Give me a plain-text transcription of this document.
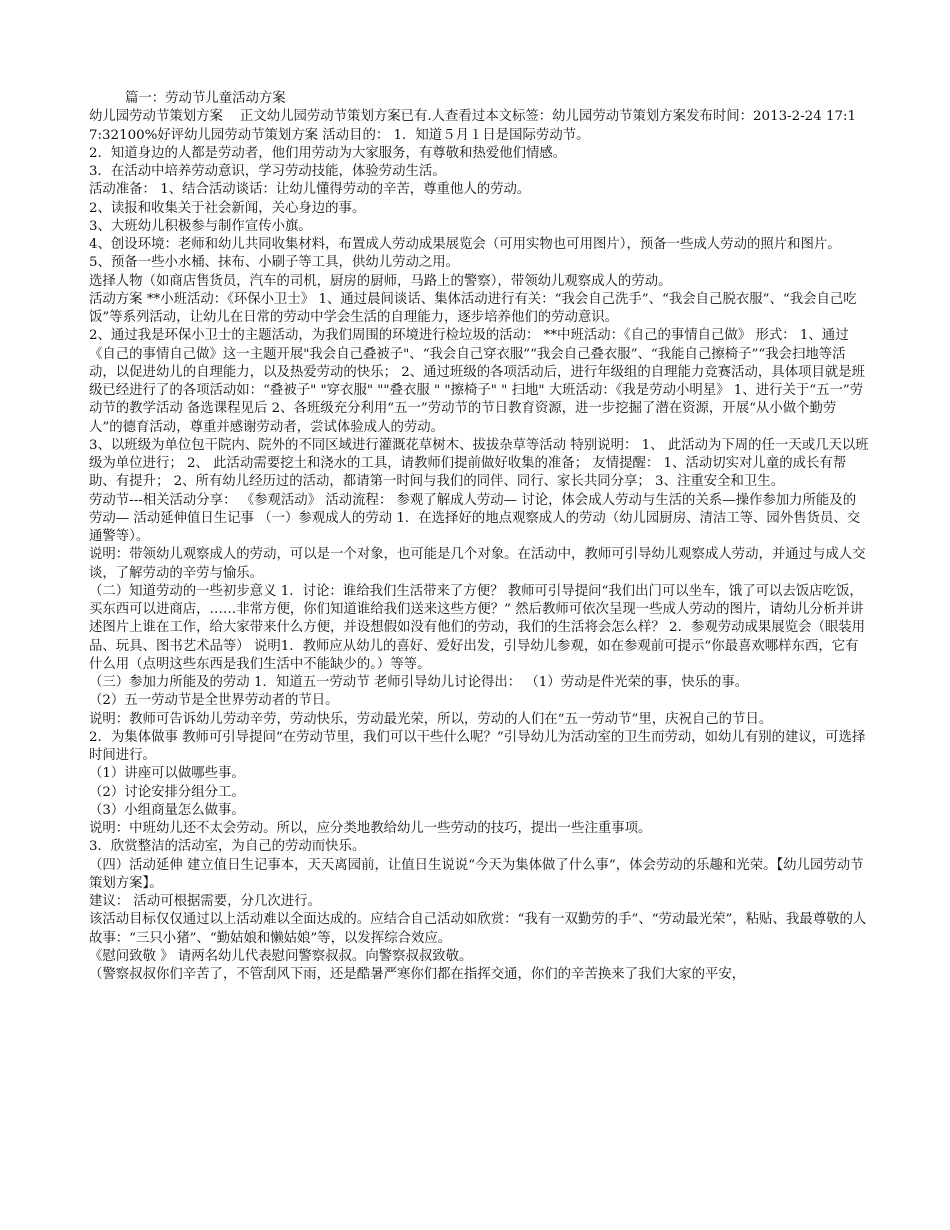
篇一：劳动节儿童活动方案

幼儿园劳动节策划方案    正文幼儿园劳动节策划方案已有.人查看过本文标签：幼儿园劳动节策划方案发布时间：2013-2-24 17:17:32100%好评幼儿园劳动节策划方案 活动目的： 1．知道５月１日是国际劳动节。

2．知道身边的人都是劳动者，他们用劳动为大家服务，有尊敬和热爱他们情感。

3．在活动中培养劳动意识，学习劳动技能，体验劳动生活。

活动准备： 1、结合活动谈话：让幼儿懂得劳动的辛苦，尊重他人的劳动。

2、读报和收集关于社会新闻，关心身边的事。

3、大班幼儿积极参与制作宣传小旗。

4、创设环境：老师和幼儿共同收集材料，布置成人劳动成果展览会（可用实物也可用图片），预备一些成人劳动的照片和图片。

5、预备一些小水桶、抹布、小刷子等工具，供幼儿劳动之用。

选择人物（如商店售货员，汽车的司机，厨房的厨师，马路上的警察），带领幼儿观察成人的劳动。

活动方案 **小班活动：《环保小卫士》 1、通过晨间谈话、集体活动进行有关：“我会自己洗手”、“我会自己脱衣服”、“我会自己吃饭”等系列活动，让幼儿在日常的劳动中学会生活的自理能力，逐步培养他们的劳动意识。

2、通过我是环保小卫士的主题活动，为我们周围的环境进行检垃圾的活动： **中班活动：《自己的事情自己做》 形式： 1、通过《自己的事情自己做》这一主题开展"我会自己叠被子"、“我会自己穿衣服”“我会自己叠衣服”、“我能自己擦椅子”“我会扫地等活动，以促进幼儿的自理能力，以及热爱劳动的快乐； 2、通过班级的各项活动后，进行年级组的自理能力竞赛活动，具体项目就是班级已经进行了的各项活动如：“叠被子" "穿衣服" ""叠衣服 " "擦椅子" " 扫地" 大班活动：《我是劳动小明星》 1、进行关于“五一”劳动节的教学活动 备选课程见后 2、各班级充分利用“五一”劳动节的节日教育资源，进一步挖掘了潜在资源，开展“从小做个勤劳人”的德育活动，尊重并感谢劳动者，尝试体验成人的劳动。

3、以班级为单位包干院内、院外的不同区域进行灌溉花草树木、拔拔杂草等活动 特别说明： 1、 此活动为下周的任一天或几天以班级为单位进行； 2、 此活动需要挖土和浇水的工具，请教师们提前做好收集的准备； 友情提醒： 1、活动切实对儿童的成长有帮助、有提升； 2、所有幼儿经历过的活动，都请第一时间与我们的同伴、同行、家长共同分享； 3、注重安全和卫生。

劳动节---相关活动分享： 《参观活动》 活动流程： 参观了解成人劳动— 讨论，体会成人劳动与生活的关系—操作参加力所能及的劳动— 活动延伸值日生记事 （一）参观成人的劳动 1．在选择好的地点观察成人的劳动（幼儿园厨房、清洁工等、园外售货员、交通警等）。

说明：带领幼儿观察成人的劳动，可以是一个对象，也可能是几个对象。在活动中，教师可引导幼儿观察成人劳动，并通过与成人交谈，了解劳动的辛劳与愉乐。

（二）知道劳动的一些初步意义 1．讨论：谁给我们生活带来了方便？ 教师可引导提问“我们出门可以坐车，饿了可以去饭店吃饭，买东西可以进商店，……非常方便，你们知道谁给我们送来这些方便？” 然后教师可依次呈现一些成人劳动的图片，请幼儿分析并讲述图片上谁在工作，给大家带来什么方便，并设想假如没有他们的劳动，我们的生活将会怎么样？ 2．参观劳动成果展览会（眼装用品、玩具、图书艺术品等） 说明1．教师应从幼儿的喜好、爱好出发，引导幼儿参观，如在参观前可提示“你最喜欢哪样东西，它有什么用（点明这些东西是我们生活中不能缺少的。）等等。

（三）参加力所能及的劳动 1．知道五一劳动节 老师引导幼儿讨论得出： （1）劳动是件光荣的事，快乐的事。

（2）五一劳动节是全世界劳动者的节日。

说明：教师可告诉幼儿劳动辛劳，劳动快乐，劳动最光荣，所以，劳动的人们在“五一劳动节”里，庆祝自己的节日。

2．为集体做事 教师可引导提问“在劳动节里，我们可以干些什么呢？”引导幼儿为活动室的卫生而劳动，如幼儿有别的建议，可选择时间进行。

（1）讲座可以做哪些事。

（2）讨论安排分组分工。

（3）小组商量怎么做事。

说明：中班幼儿还不太会劳动。所以，应分类地教给幼儿一些劳动的技巧，提出一些注重事项。

3．欣赏整洁的活动室，为自己的劳动而快乐。

（四）活动延伸 建立值日生记事本，天天离园前，让值日生说说“今天为集体做了什么事”，体会劳动的乐趣和光荣。【幼儿园劳动节策划方案】。

建议： 活动可根据需要，分几次进行。

该活动目标仅仅通过以上活动难以全面达成的。应结合自己活动如欣赏：“我有一双勤劳的手”、“劳动最光荣”，粘贴、我最尊敬的人故事：“三只小猪”、“勤姑娘和懒姑娘”等，以发挥综合效应。

《慰问致敬 》 请两名幼儿代表慰问警察叔叔。向警察叔叔致敬。

（警察叔叔你们辛苦了，不管刮风下雨，还是酷暑严寒你们都在指挥交通，你们的辛苦换来了我们大家的平安，
